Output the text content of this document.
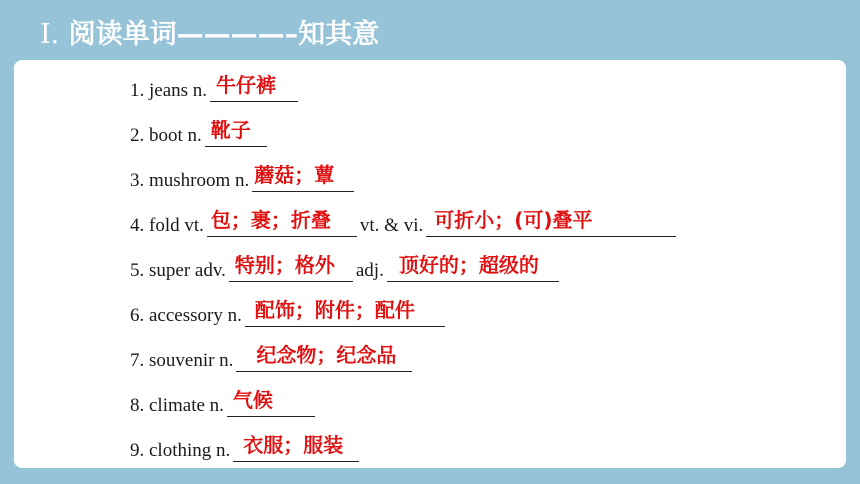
I. 阅读单词————–知其意
1. jeans n. 牛仔裤
2. boot n. 靴子
3. mushroom n. 蘑菇；蕈
4. fold vt. 包；裹；折叠 vt. & vi. 可折小；(可)叠平
5. super adv. 特别；格外 adj. 顶好的；超级的
6. accessory n. 配饰；附件；配件
7. souvenir n. 纪念物；纪念品
8. climate n. 气候
9. clothing n. 衣服；服装
